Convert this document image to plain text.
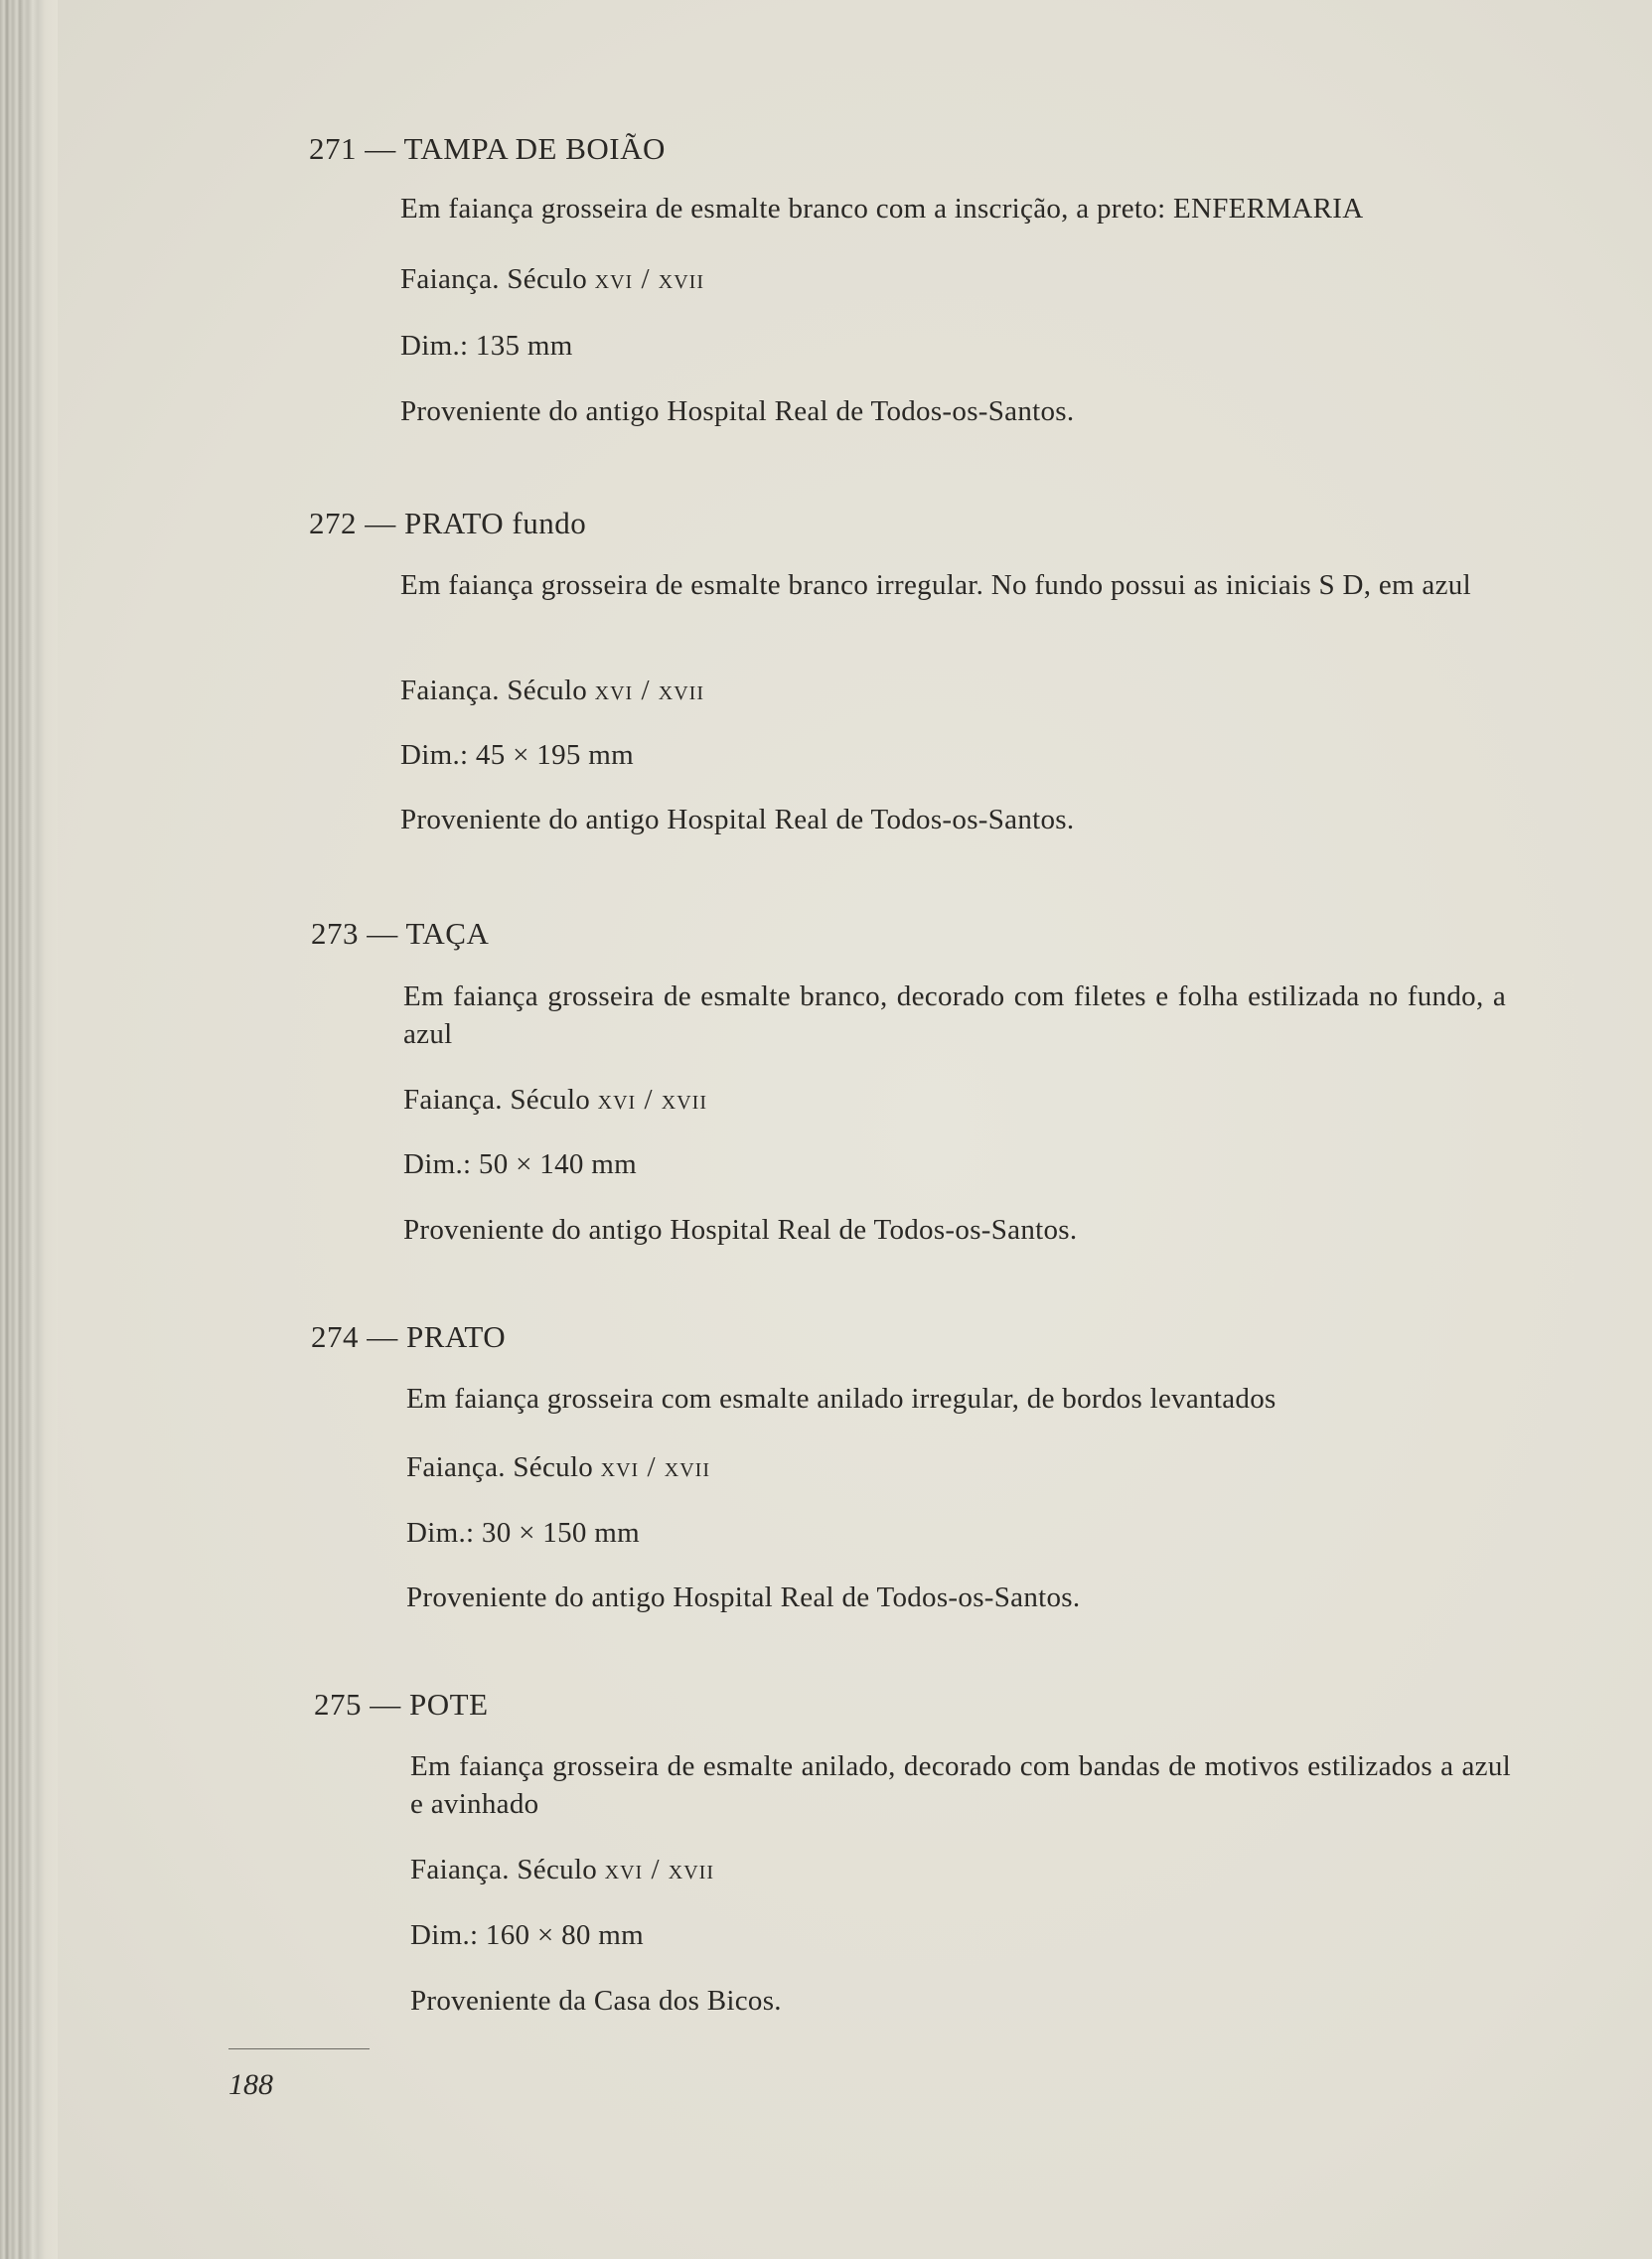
271 — TAMPA DE BOIÃO
Em faiança grosseira de esmalte branco com a inscrição, a preto: ENFERMARIA
Faiança. Século xvi / xvii
Dim.: 135 mm
Proveniente do antigo Hospital Real de Todos-os-Santos.
272 — PRATO fundo
Em faiança grosseira de esmalte branco irregular. No fundo possui as iniciais S D, em azul
Faiança. Século xvi / xvii
Dim.: 45 × 195 mm
Proveniente do antigo Hospital Real de Todos-os-Santos.
273 — TAÇA
Em faiança grosseira de esmalte branco, decorado com filetes e folha estilizada no fundo, a azul
Faiança. Século xvi / xvii
Dim.: 50 × 140 mm
Proveniente do antigo Hospital Real de Todos-os-Santos.
274 — PRATO
Em faiança grosseira com esmalte anilado irregular, de bordos levantados
Faiança. Século xvi / xvii
Dim.: 30 × 150 mm
Proveniente do antigo Hospital Real de Todos-os-Santos.
275 — POTE
Em faiança grosseira de esmalte anilado, decorado com bandas de motivos estilizados a azul e avinhado
Faiança. Século xvi / xvii
Dim.: 160 × 80 mm
Proveniente da Casa dos Bicos.
188
